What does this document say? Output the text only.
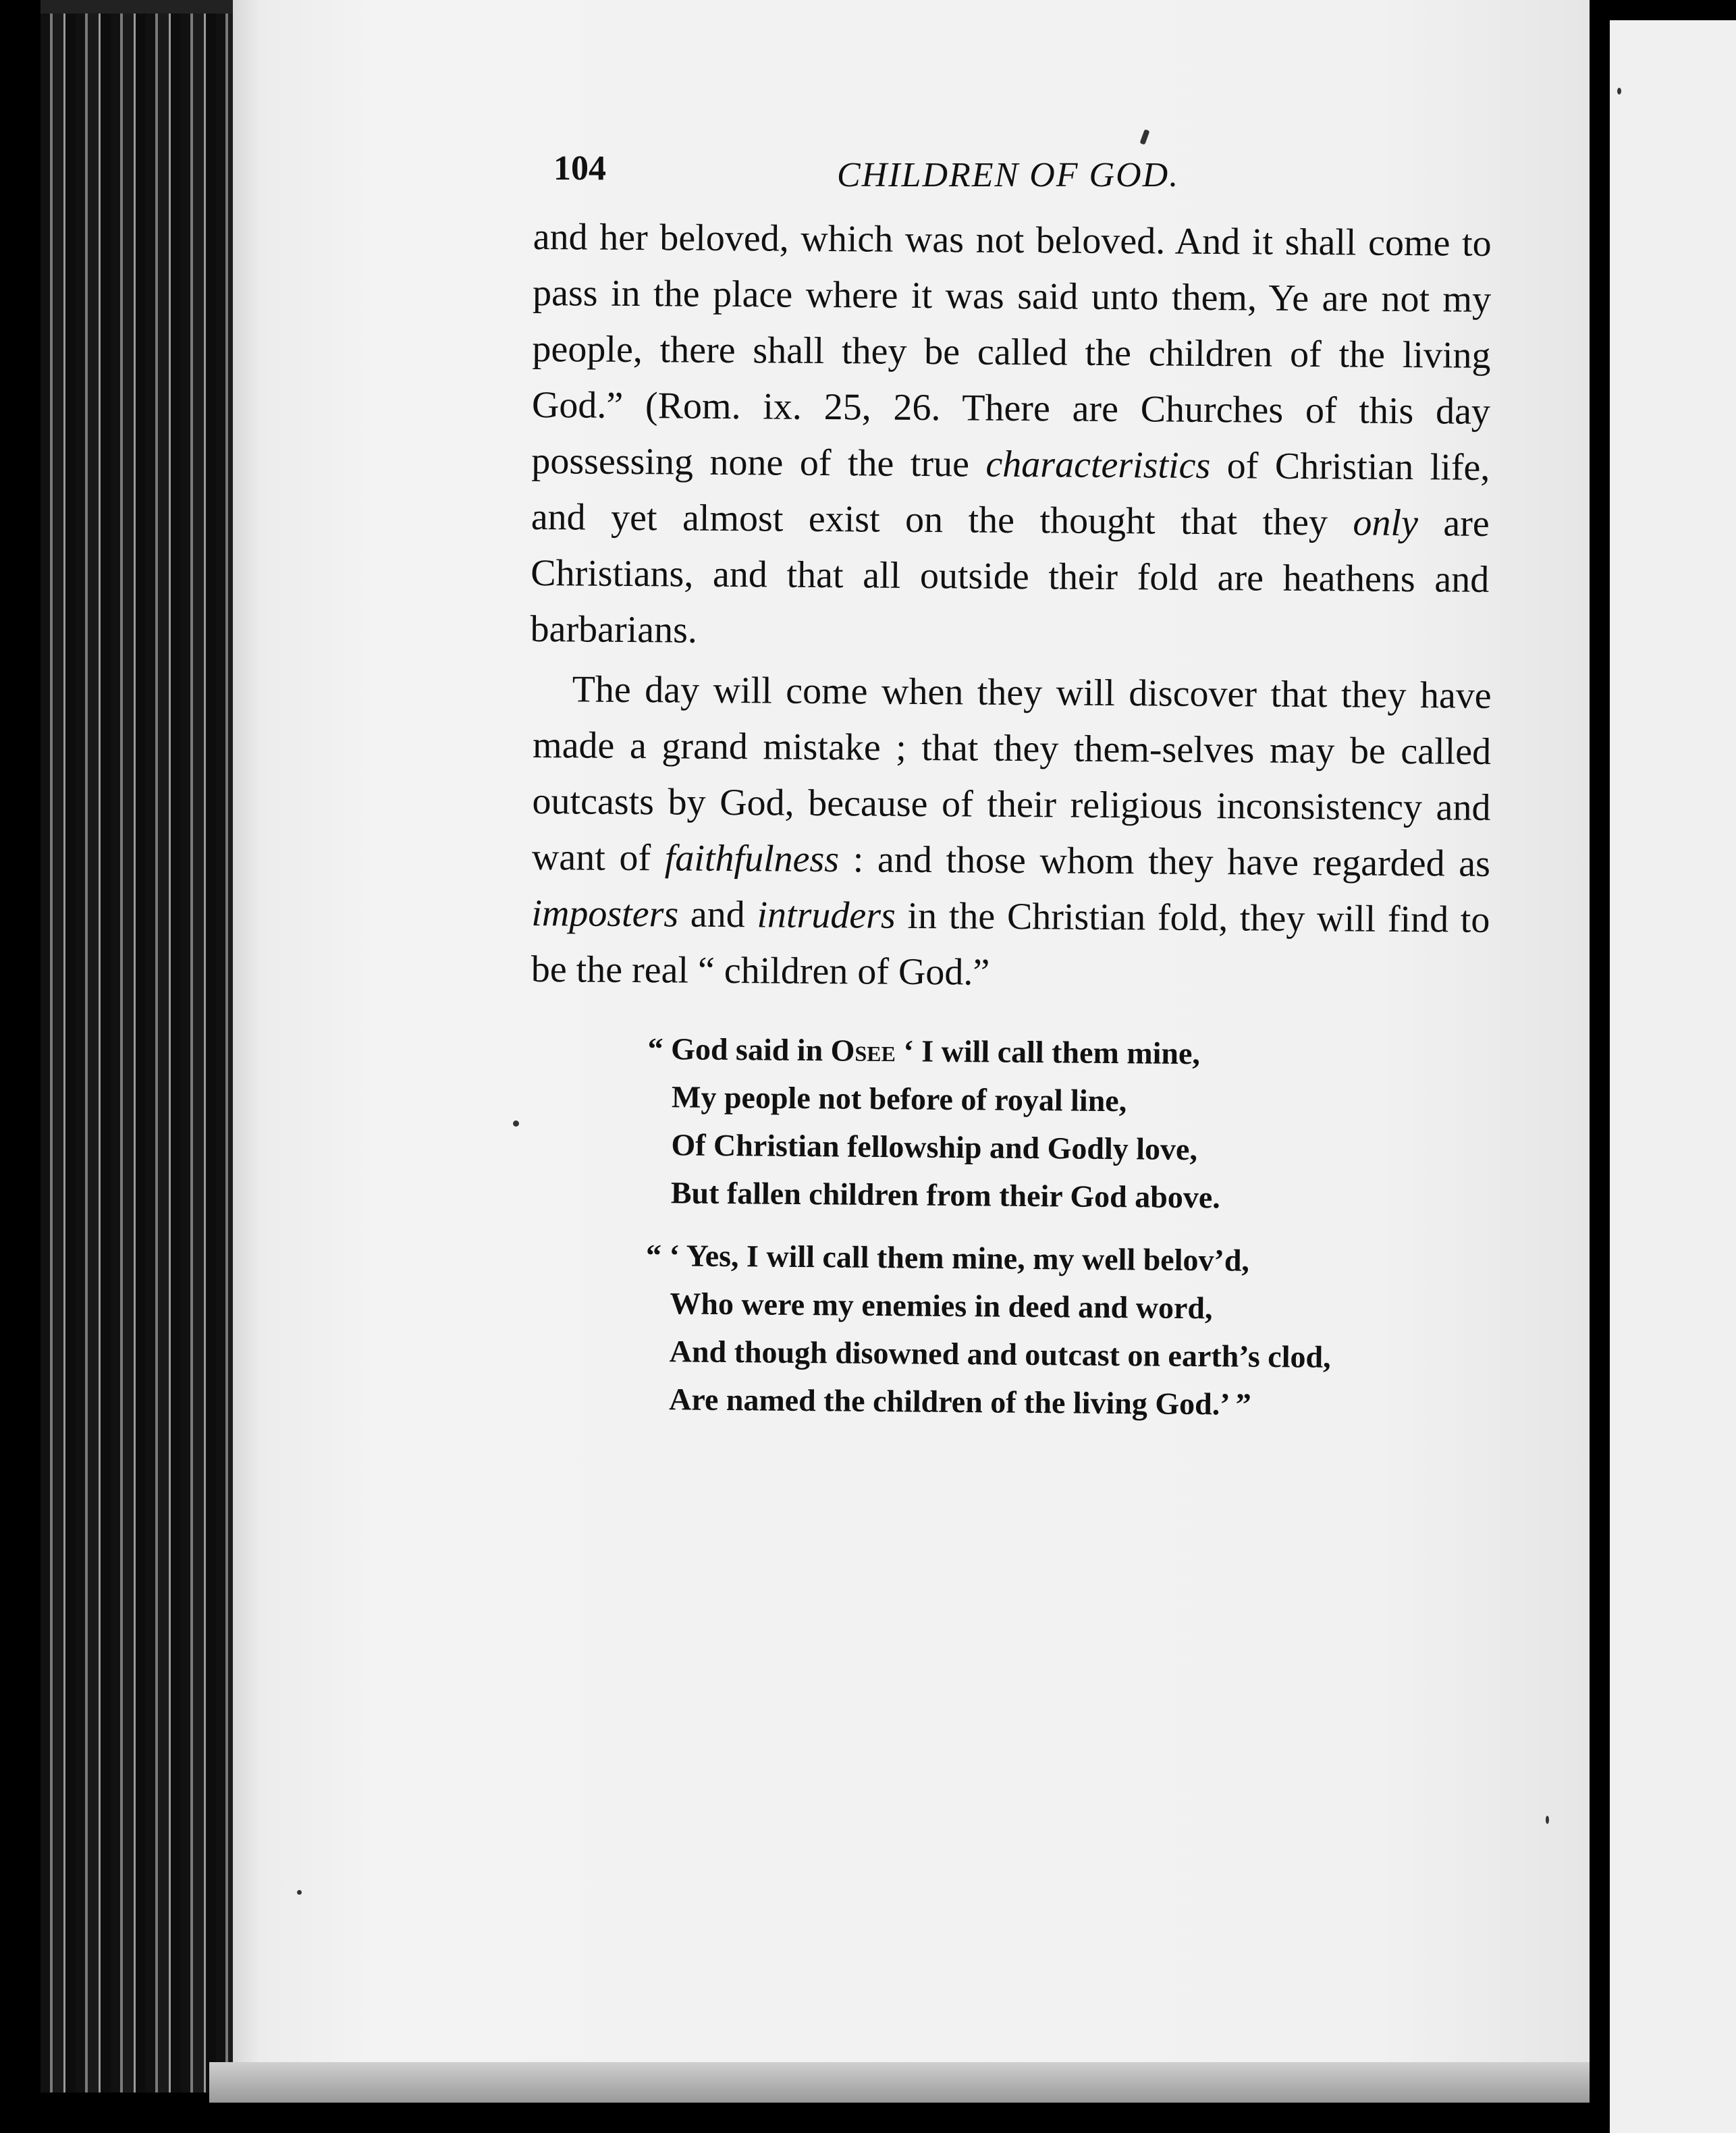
104	CHILDREN OF GOD.

and her beloved, which was not beloved. And it shall come to pass in the place where it was said unto them, Ye are not my people, there shall they be called the children of the living God.” (Rom. ix. 25, 26. There are Churches of this day possessing none of the true characteristics of Christian life, and yet almost exist on the thought that they only are Christians, and that all outside their fold are heathens and barbarians.

The day will come when they will discover that they have made a grand mistake ; that they them-selves may be called outcasts by God, because of their religious inconsistency and want of faithfulness : and those whom they have regarded as imposters and intruders in the Christian fold, they will find to be the real “ children of God.”

“ God said in Osee ‘ I will call them mine,
My people not before of royal line,
Of Christian fellowship and Godly love,
But fallen children from their God above.
“ ‘ Yes, I will call them mine, my well belov’d,
Who were my enemies in deed and word,
And though disowned and outcast on earth’s clod,
Are named the children of the living God.’ ”
